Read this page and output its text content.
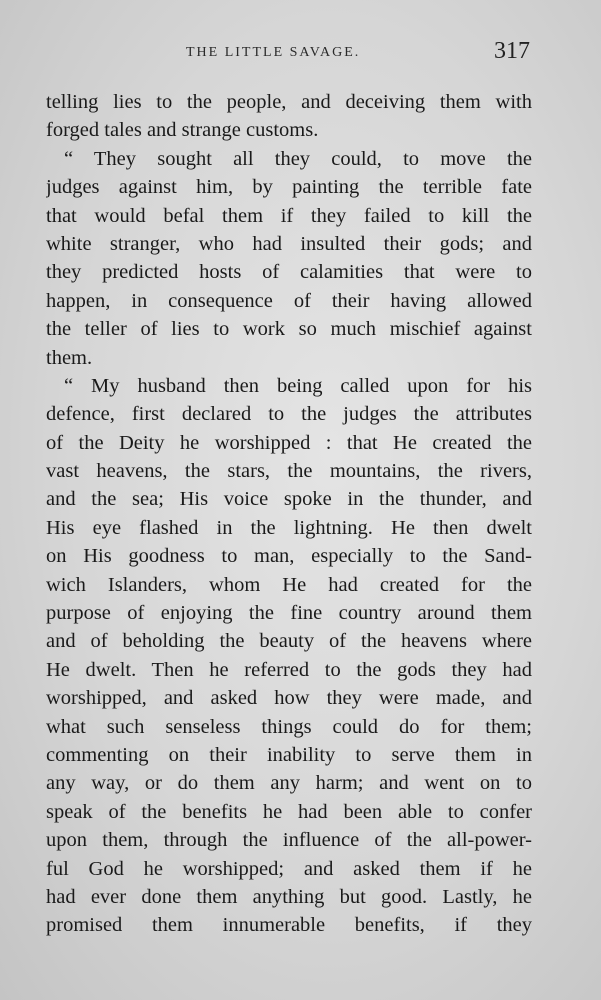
THE LITTLE SAVAGE.	317
telling lies to the people, and deceiving them with
forged tales and strange customs.
“ They sought all they could, to move the
judges against him, by painting the terrible fate
that would befal them if they failed to kill the
white stranger, who had insulted their gods; and
they predicted hosts of calamities that were to
happen, in consequence of their having allowed
the teller of lies to work so much mischief against
them.
“ My husband then being called upon for his
defence, first declared to the judges the attributes
of the Deity he worshipped : that He created the
vast heavens, the stars, the mountains, the rivers,
and the sea; His voice spoke in the thunder, and
His eye flashed in the lightning. He then dwelt
on His goodness to man, especially to the Sand-
wich Islanders, whom He had created for the
purpose of enjoying the fine country around them
and of beholding the beauty of the heavens where
He dwelt. Then he referred to the gods they had
worshipped, and asked how they were made, and
what such senseless things could do for them;
commenting on their inability to serve them in
any way, or do them any harm; and went on to
speak of the benefits he had been able to confer
upon them, through the influence of the all-power-
ful God he worshipped; and asked them if he
had ever done them anything but good. Lastly, he
promised them innumerable benefits, if they
